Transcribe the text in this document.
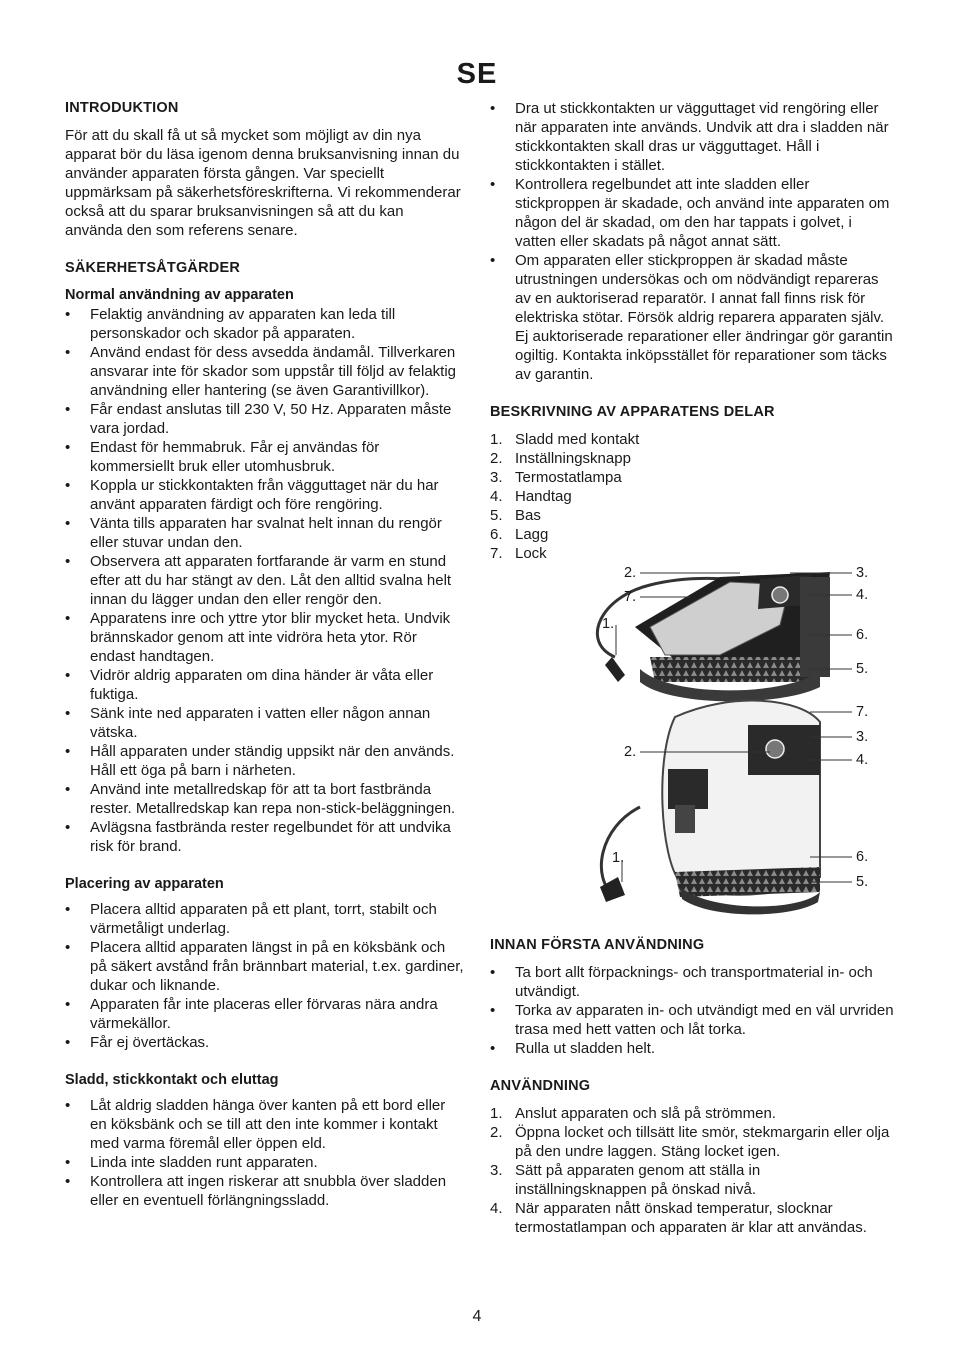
SE
INTRODUKTION

För att du skall få ut så mycket som möjligt av din nya apparat bör du läsa igenom denna bruksanvisning innan du använder apparaten första gången. Var speciellt uppmärksam på säkerhetsföreskrifterna. Vi rekommenderar också att du sparar bruksanvisningen så att du kan använda den som referens senare.

SÄKERHETSÅTGÄRDER
Normal användning av apparaten
• Felaktig användning av apparaten kan leda till personskador och skador på apparaten.
• Använd endast för dess avsedda ändamål. Tillverkaren ansvarar inte för skador som uppstår till följd av felaktig användning eller hantering (se även Garantivillkor).
• Får endast anslutas till 230 V, 50 Hz. Apparaten måste vara jordad.
• Endast för hemmabruk. Får ej användas för kommersiellt bruk eller utomhusbruk.
• Koppla ur stickkontakten från vägguttaget när du har använt apparaten färdigt och före rengöring.
• Vänta tills apparaten har svalnat helt innan du rengör eller stuvar undan den.
• Observera att apparaten fortfarande är varm en stund efter att du har stängt av den. Låt den alltid svalna helt innan du lägger undan den eller rengör den.
• Apparatens inre och yttre ytor blir mycket heta. Undvik brännskador genom att inte vidröra heta ytor. Rör endast handtagen.
• Vidrör aldrig apparaten om dina händer är våta eller fuktiga.
• Sänk inte ned apparaten i vatten eller någon annan vätska.
• Håll apparaten under ständig uppsikt när den används. Håll ett öga på barn i närheten.
• Använd inte metallredskap för att ta bort fastbrända rester. Metallredskap kan repa non-stick-beläggningen.
• Avlägsna fastbrända rester regelbundet för att undvika risk för brand.
Placering av apparaten
• Placera alltid apparaten på ett plant, torrt, stabilt och värmetåligt underlag.
• Placera alltid apparaten längst in på en köksbänk och på säkert avstånd från brännbart material, t.ex. gardiner, dukar och liknande.
• Apparaten får inte placeras eller förvaras nära andra värmekällor.
• Får ej övertäckas.
Sladd, stickkontakt och eluttag
• Låt aldrig sladden hänga över kanten på ett bord eller en köksbänk och se till att den inte kommer i kontakt med varma föremål eller öppen eld.
• Linda inte sladden runt apparaten.
• Kontrollera att ingen riskerar att snubbla över sladden eller en eventuell förlängningssladd.
• Dra ut stickkontakten ur vägguttaget vid rengöring eller när apparaten inte används. Undvik att dra i sladden när stickkontakten skall dras ur vägguttaget. Håll i stickkontakten i stället.
• Kontrollera regelbundet att inte sladden eller stickproppen är skadade, och använd inte apparaten om någon del är skadad, om den har tappats i golvet, i vatten eller skadats på något annat sätt.
• Om apparaten eller stickproppen är skadad måste utrustningen undersökas och om nödvändigt repareras av en auktoriserad reparatör. I annat fall finns risk för elektriska stötar. Försök aldrig reparera apparaten själv. Ej auktoriserade reparationer eller ändringar gör garantin ogiltig. Kontakta inköpsstället för reparationer som täcks av garantin.
BESKRIVNING AV APPARATENS DELAR
1. Sladd med kontakt
2. Inställningsknapp
3. Termostatlampa
4. Handtag
5. Bas
6. Lagg
7. Lock
2.
7.
1.
3.
4.
6.
5.
2.
1.
7.
3.
4.
6.
5.
INNAN FÖRSTA ANVÄNDNING
• Ta bort allt förpacknings- och transportmaterial in- och utvändigt.
• Torka av apparaten in- och utvändigt med en väl urvriden trasa med hett vatten och låt torka.
• Rulla ut sladden helt.
ANVÄNDNING
1. Anslut apparaten och slå på strömmen.
2. Öppna locket och tillsätt lite smör, stekmargarin eller olja på den undre laggen. Stäng locket igen.
3. Sätt på apparaten genom att ställa in inställningsknappen på önskad nivå.
4. När apparaten nått önskad temperatur, slocknar termostatlampan och apparaten är klar att användas.
4
